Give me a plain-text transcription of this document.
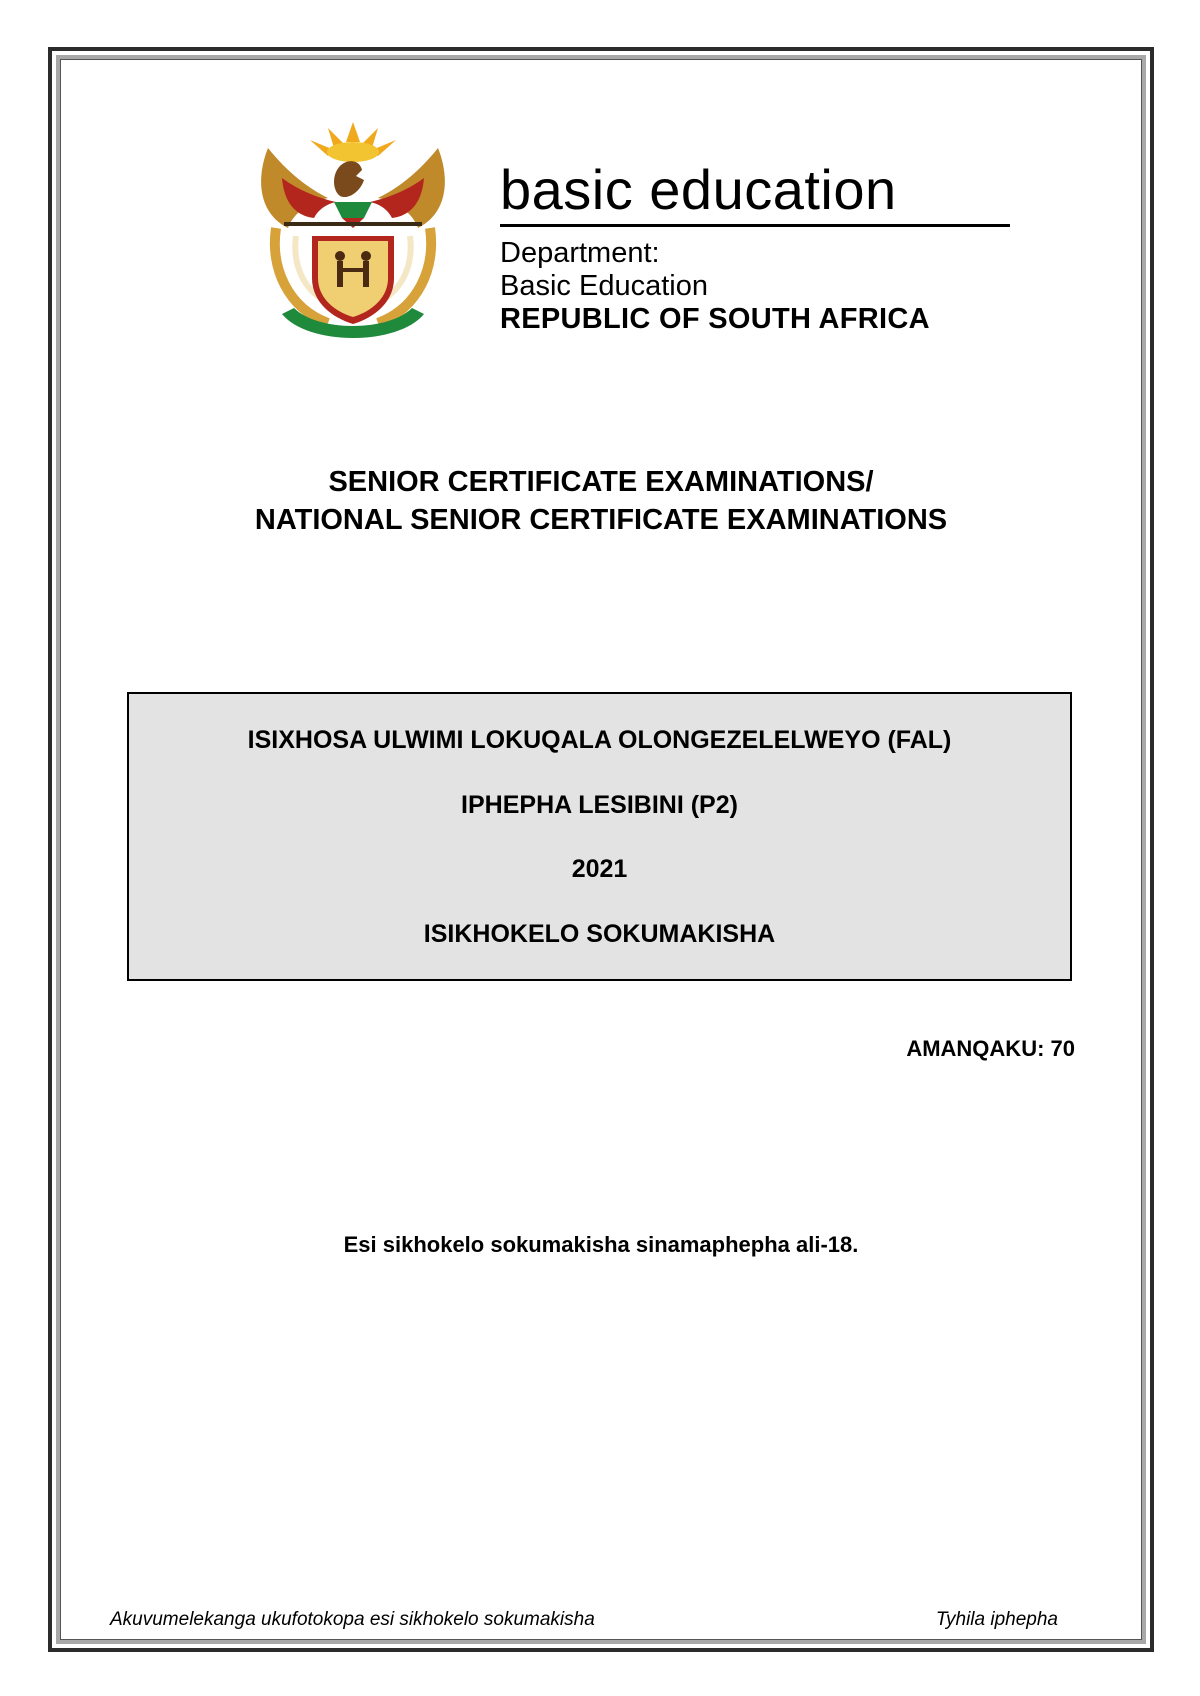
basic education
Department:
Basic Education
REPUBLIC OF SOUTH AFRICA
SENIOR CERTIFICATE EXAMINATIONS/
NATIONAL SENIOR CERTIFICATE EXAMINATIONS
ISIXHOSA ULWIMI LOKUQALA OLONGEZELELWEYO (FAL)
IPHEPHA LESIBINI (P2)
2021
ISIKHOKELO SOKUMAKISHA
AMANQAKU: 70
Esi sikhokelo sokumakisha sinamaphepha ali-18.
Akuvumelekanga ukufotokopa esi sikhokelo sokumakisha	Tyhila iphepha
